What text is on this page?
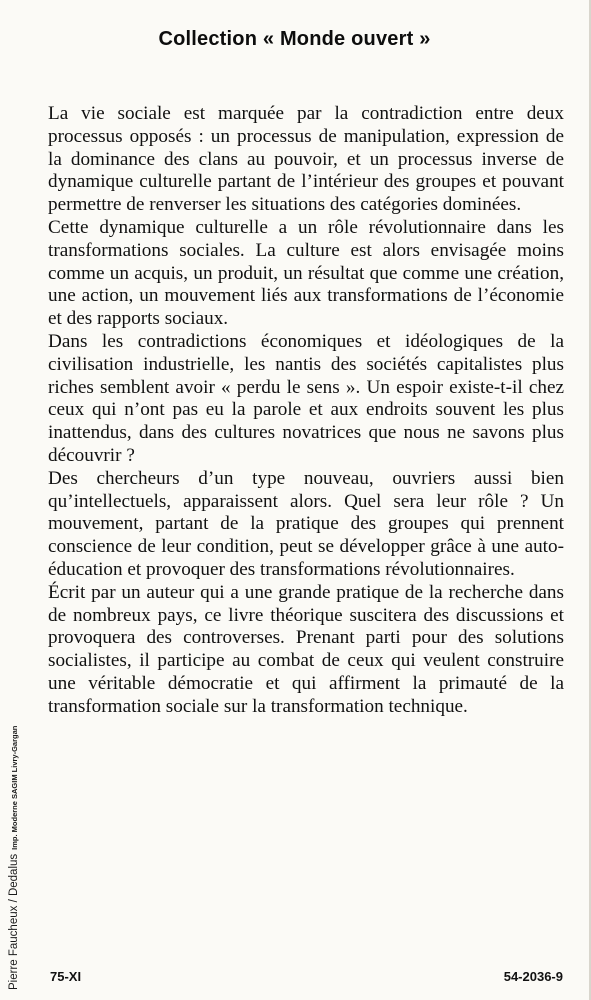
Collection « Monde ouvert »

La vie sociale est marquée par la contradiction entre deux processus opposés : un processus de manipulation, expression de la dominance des clans au pouvoir, et un processus inverse de dynamique culturelle partant de l’intérieur des groupes et pouvant permettre de renverser les situations des catégories dominées.

Cette dynamique culturelle a un rôle révolutionnaire dans les transformations sociales. La culture est alors envisagée moins comme un acquis, un produit, un résultat que comme une création, une action, un mouvement liés aux transformations de l’économie et des rapports sociaux.

Dans les contradictions économiques et idéologiques de la civilisation industrielle, les nantis des sociétés capitalistes plus riches semblent avoir « perdu le sens ». Un espoir existe-t-il chez ceux qui n’ont pas eu la parole et aux endroits souvent les plus inattendus, dans des cultures novatrices que nous ne savons plus découvrir ?

Des chercheurs d’un type nouveau, ouvriers aussi bien qu’intellectuels, apparaissent alors. Quel sera leur rôle ? Un mouvement, partant de la pratique des groupes qui prennent conscience de leur condition, peut se développer grâce à une auto-éducation et provoquer des transformations révolutionnaires.

Écrit par un auteur qui a une grande pratique de la recherche dans de nombreux pays, ce livre théorique suscitera des discussions et provoquera des controverses. Prenant parti pour des solutions socialistes, il participe au combat de ceux qui veulent construire une véritable démocratie et qui affirment la primauté de la transformation sociale sur la transformation technique.

Pierre Faucheux / Dedalus
Imp. Moderne SAGIM Livry-Gargan
75-XI	54-2036-9
